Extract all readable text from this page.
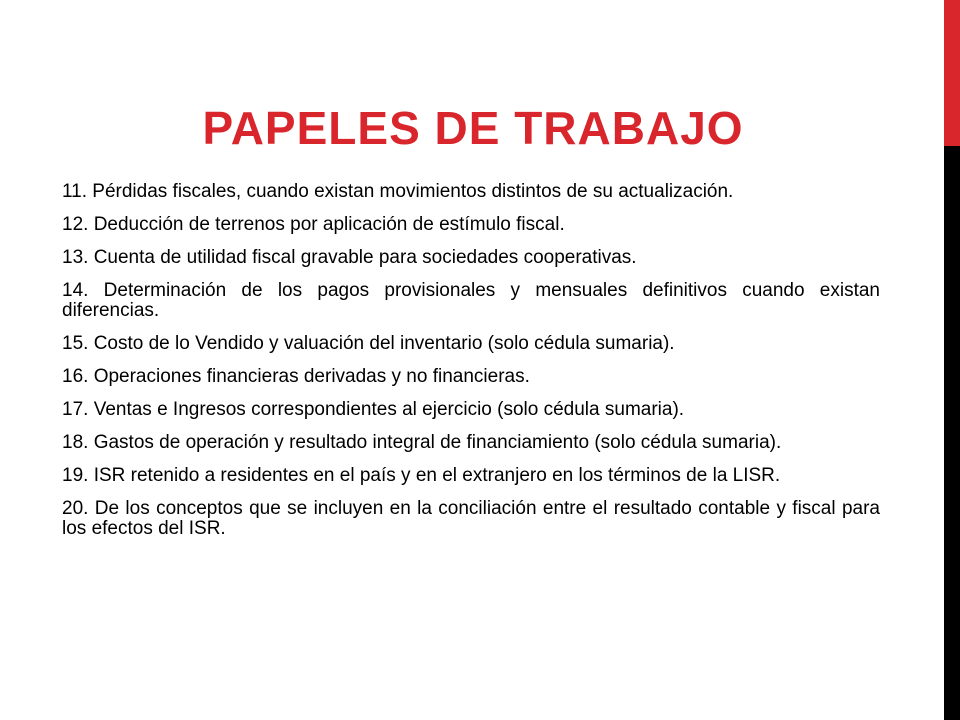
PAPELES DE TRABAJO
11. Pérdidas fiscales, cuando existan movimientos distintos de su actualización.
12. Deducción de terrenos por aplicación de estímulo fiscal.
13. Cuenta de utilidad fiscal gravable para sociedades cooperativas.
14. Determinación de los pagos provisionales y mensuales definitivos cuando existan diferencias.
15. Costo de lo Vendido y valuación del inventario (solo cédula sumaria).
16. Operaciones financieras derivadas y no financieras.
17. Ventas e Ingresos correspondientes al ejercicio (solo cédula sumaria).
18. Gastos de operación y resultado integral de financiamiento (solo cédula sumaria).
19. ISR retenido a residentes en el país y en el extranjero en los términos de la LISR.
20. De los conceptos que se incluyen en la conciliación entre el resultado contable y fiscal para los efectos del ISR.
